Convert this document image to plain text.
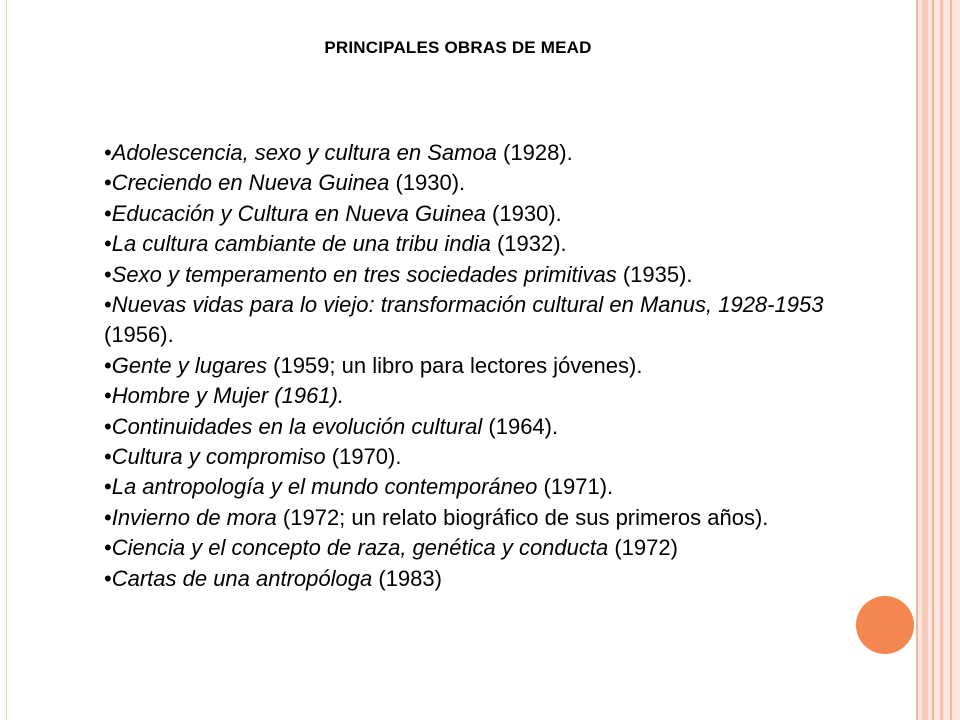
PRINCIPALES OBRAS DE MEAD
•Adolescencia, sexo y cultura en Samoa (1928).
•Creciendo en Nueva Guinea (1930).
•Educación y Cultura en Nueva Guinea (1930).
•La cultura cambiante de una tribu india (1932).
•Sexo y temperamento en tres sociedades primitivas (1935).
•Nuevas vidas para lo viejo: transformación cultural en Manus, 1928-1953 (1956).
•Gente y lugares (1959; un libro para lectores jóvenes).
•Hombre y Mujer (1961).
•Continuidades en la evolución cultural (1964).
•Cultura y compromiso (1970).
•La antropología y el mundo contemporáneo (1971).
•Invierno de mora (1972; un relato biográfico de sus primeros años).
•Ciencia y el concepto de raza, genética y conducta (1972)
•Cartas de una antropóloga (1983)
